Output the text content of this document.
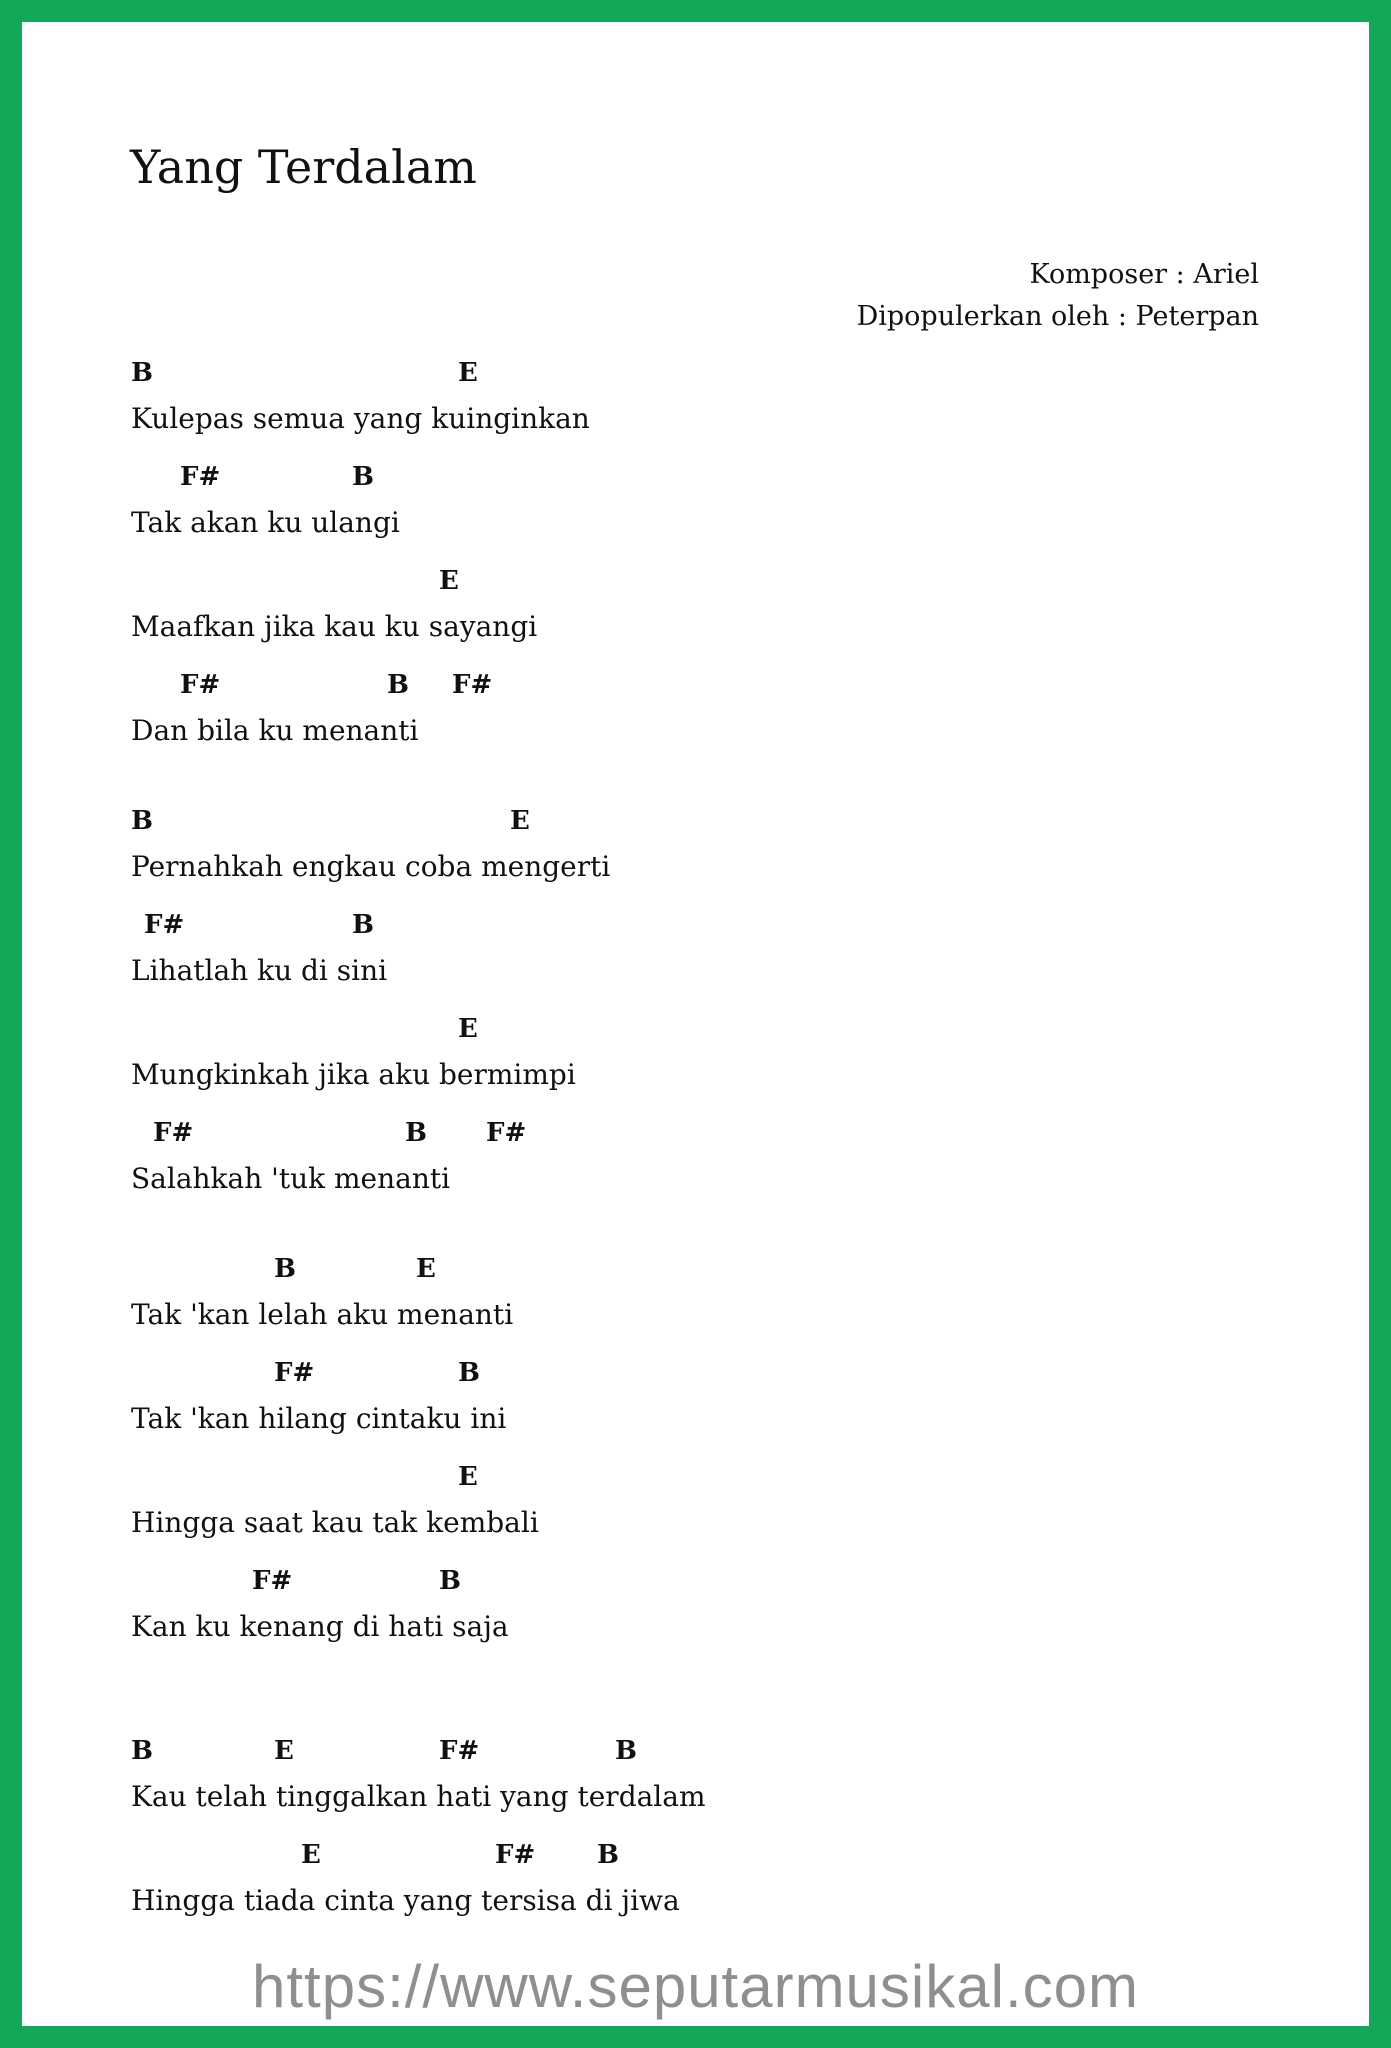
Yang Terdalam
Komposer : Ariel
Dipopulerkan oleh : Peterpan
B	E
Kulepas semua yang kuinginkan
F#	B
Tak akan ku ulangi
E
Maafkan jika kau ku sayangi
F#	B F#
Dan bila ku menanti
B	E
Pernahkah engkau coba mengerti
F#	B
Lihatlah ku di sini
E
Mungkinkah jika aku bermimpi
F#	B F#
Salahkah 'tuk menanti
B	E
Tak 'kan lelah aku menanti
F#	B
Tak 'kan hilang cintaku ini
E
Hingga saat kau tak kembali
F#	B
Kan ku kenang di hati saja
B	E	F#	B
Kau telah tinggalkan hati yang terdalam
E	F# B
Hingga tiada cinta yang tersisa di jiwa
https://www.seputarmusikal.com
